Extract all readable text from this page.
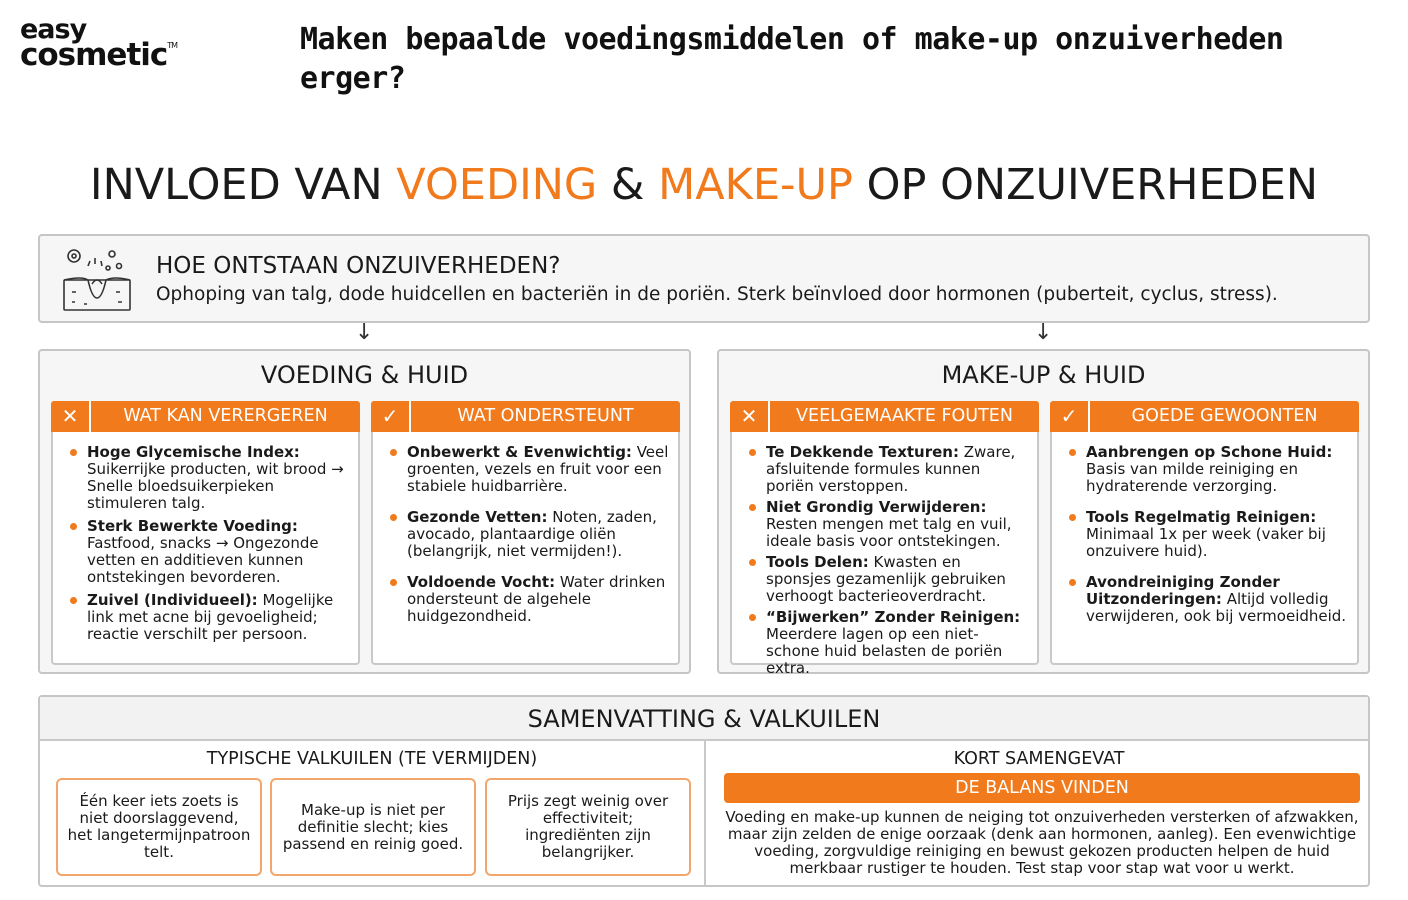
easy
cosmetic™	Maken bepaalde voedingsmiddelen of make-up onzuiverheden erger?
INVLOED VAN VOEDING & MAKE-UP OP ONZUIVERHEDEN
HOE ONTSTAAN ONZUIVERHEDEN?
Ophoping van talg, dode huidcellen en bacteriën in de poriën. Sterk beïnvloed door hormonen (puberteit, cyclus, stress).
↓	↓
VOEDING & HUID
✕	WAT KAN VERERGEREN
Hoge Glycemische Index: Suikerrijke producten, wit brood → Snelle bloedsuikerpieken stimuleren talg.
Sterk Bewerkte Voeding: Fastfood, snacks → Ongezonde vetten en additieven kunnen ontstekingen bevorderen.
Zuivel (Individueel): Mogelijke link met acne bij gevoeligheid; reactie verschilt per persoon.
✓	WAT ONDERSTEUNT
Onbewerkt & Evenwichtig: Veel groenten, vezels en fruit voor een stabiele huidbarrière.
Gezonde Vetten: Noten, zaden, avocado, plantaardige oliën (belangrijk, niet vermijden!).
Voldoende Vocht: Water drinken ondersteunt de algehele huidgezondheid.
MAKE-UP & HUID
✕	VEELGEMAAKTE FOUTEN
Te Dekkende Texturen: Zware, afsluitende formules kunnen poriën verstoppen.
Niet Grondig Verwijderen: Resten mengen met talg en vuil, ideale basis voor ontstekingen.
Tools Delen: Kwasten en sponsjes gezamenlijk gebruiken verhoogt bacterieoverdracht.
“Bijwerken” Zonder Reinigen: Meerdere lagen op een niet-schone huid belasten de poriën extra.
✓	GOEDE GEWOONTEN
Aanbrengen op Schone Huid: Basis van milde reiniging en hydraterende verzorging.
Tools Regelmatig Reinigen: Minimaal 1x per week (vaker bij onzuivere huid).
Avondreiniging Zonder Uitzonderingen: Altijd volledig verwijderen, ook bij vermoeidheid.
SAMENVATTING & VALKUILEN
TYPISCHE VALKUILEN (TE VERMIJDEN)
Één keer iets zoets is niet doorslaggevend, het langetermijnpatroon telt.
Make-up is niet per definitie slecht; kies passend en reinig goed.
Prijs zegt weinig over effectiviteit; ingrediënten zijn belangrijker.
KORT SAMENGEVAT
DE BALANS VINDEN
Voeding en make-up kunnen de neiging tot onzuiverheden versterken of afzwakken, maar zijn zelden de enige oorzaak (denk aan hormonen, aanleg). Een evenwichtige voeding, zorgvuldige reiniging en bewust gekozen producten helpen de huid merkbaar rustiger te houden. Test stap voor stap wat voor u werkt.
